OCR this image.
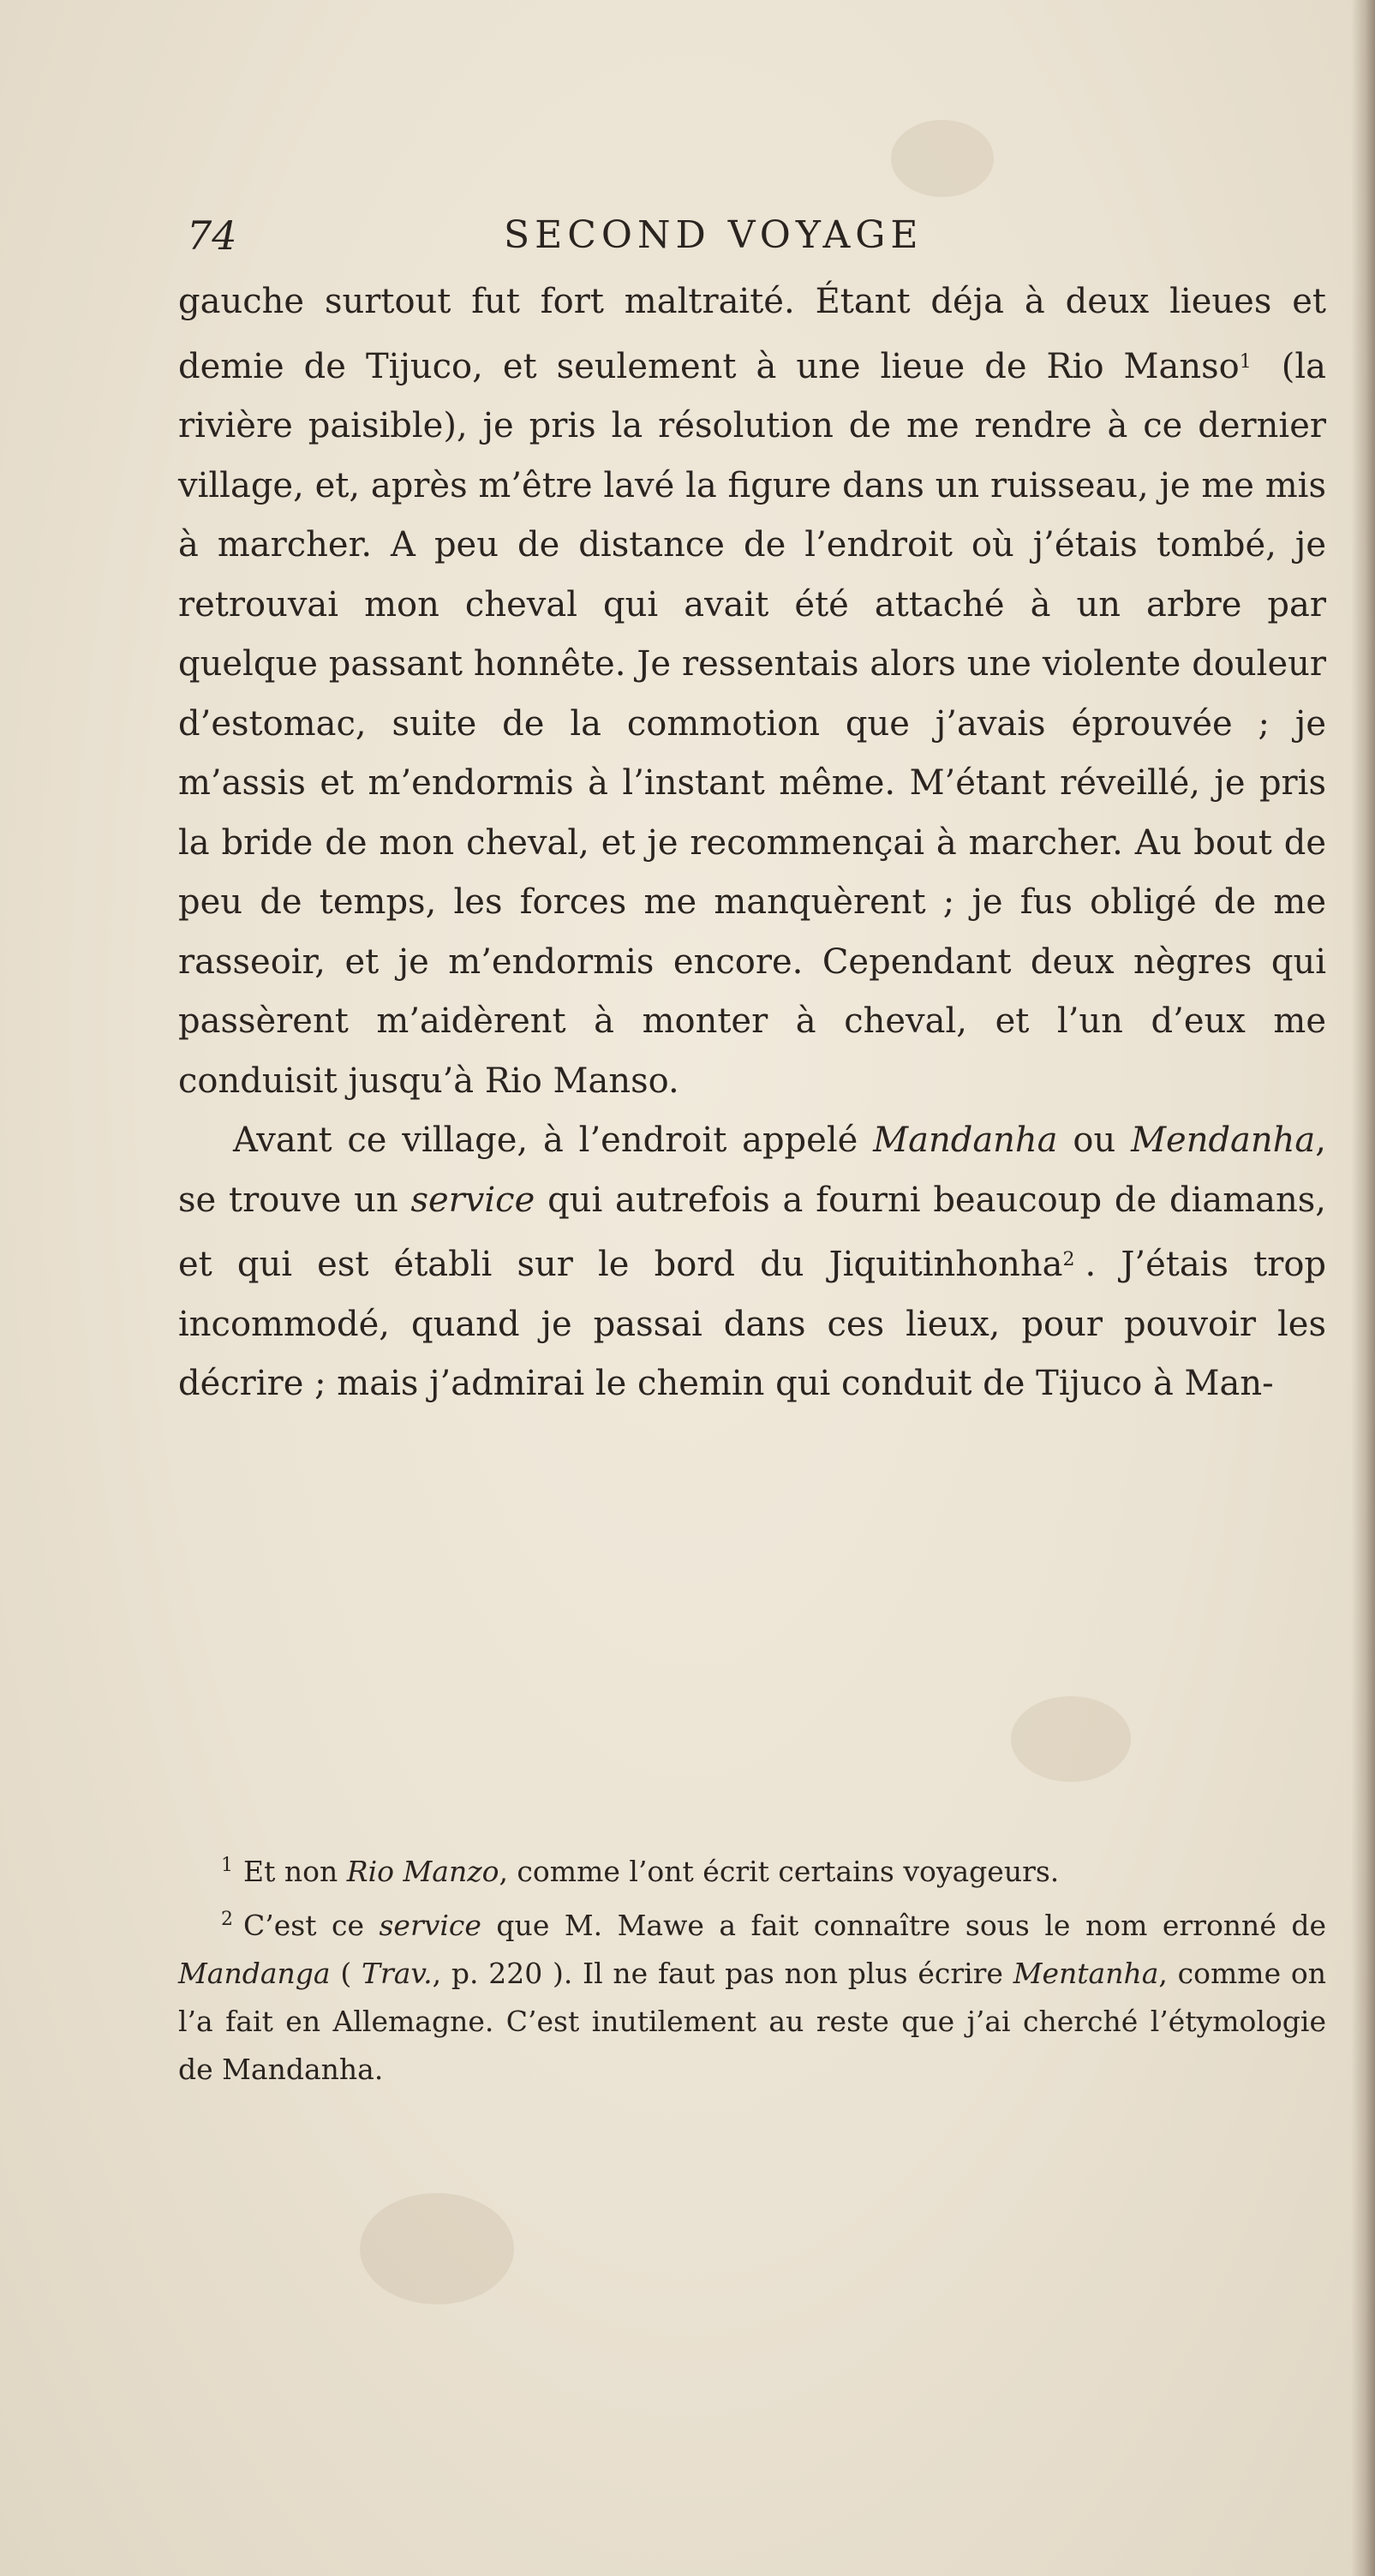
74	SECOND VOYAGE

gauche surtout fut fort maltraité. Étant déja à deux lieues et demie de Tijuco, et seulement à une lieue de Rio Manso$^1$ (la rivière paisible), je pris la résolution de me rendre à ce dernier village, et, après m’être lavé la figure dans un ruisseau, je me mis à marcher. A peu de distance de l’endroit où j’étais tombé, je retrouvai mon cheval qui avait été attaché à un arbre par quelque passant honnête. Je ressentais alors une violente douleur d’estomac, suite de la commotion que j’avais éprouvée ; je m’assis et m’endormis à l’instant même. M’étant réveillé, je pris la bride de mon cheval, et je recommençai à marcher. Au bout de peu de temps, les forces me manquèrent ; je fus obligé de me rasseoir, et je m’endormis encore. Cependant deux nègres qui passèrent m’aidèrent à monter à cheval, et l’un d’eux me conduisit jusqu’à Rio Manso.

Avant ce village, à l’endroit appelé Mandanha ou Mendanha, se trouve un service qui autrefois a fourni beaucoup de diamans, et qui est établi sur le bord du Jiquitinhonha$^2$ . J’étais trop incommodé, quand je passai dans ces lieux, pour pouvoir les décrire ; mais j’admirai le chemin qui conduit de Tijuco à Man-

$^1$ Et non Rio Manzo, comme l’ont écrit certains voyageurs.

$^2$ C’est ce service que M. Mawe a fait connaître sous le nom erronné de Mandanga ( Trav., p. 220 ). Il ne faut pas non plus écrire Mentanha, comme on l’a fait en Allemagne. C’est inutilement au reste que j’ai cherché l’étymologie de Mandanha.
